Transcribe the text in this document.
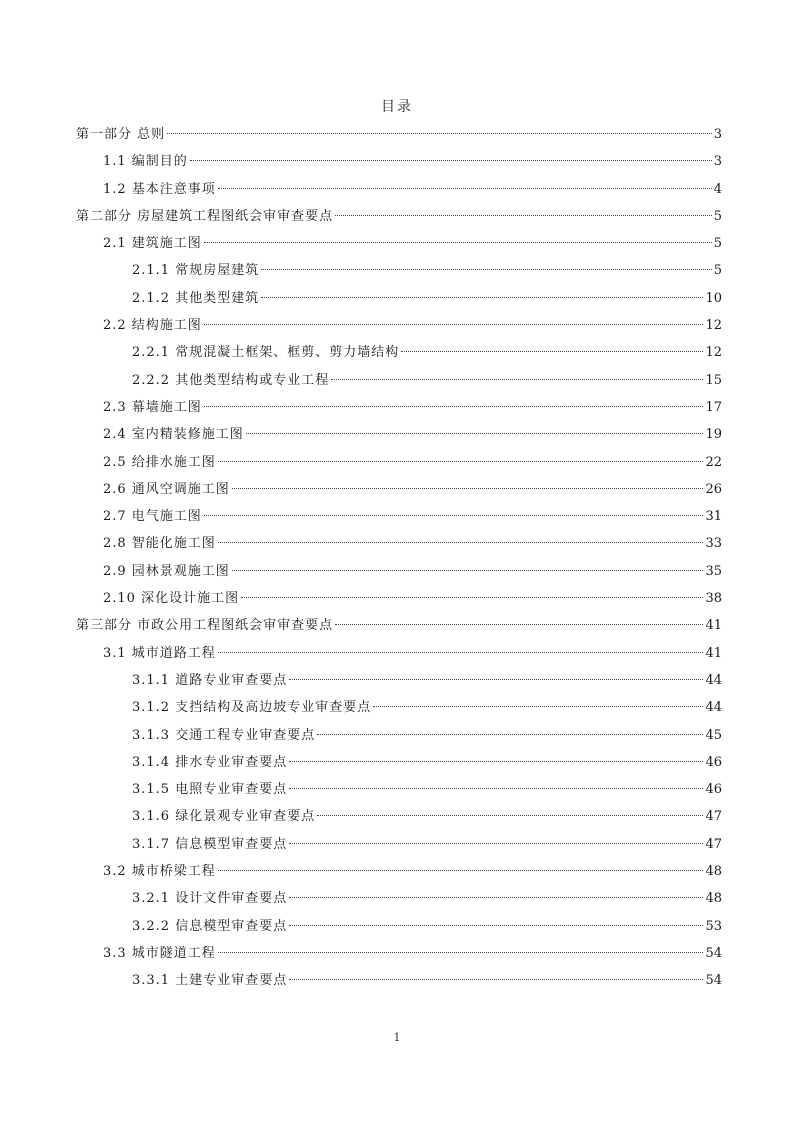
目录
第一部分 总则	3
1.1 编制目的	3
1.2 基本注意事项	4
第二部分 房屋建筑工程图纸会审审查要点	5
2.1 建筑施工图	5
2.1.1 常规房屋建筑	5
2.1.2 其他类型建筑	10
2.2 结构施工图	12
2.2.1 常规混凝土框架、框剪、剪力墙结构	12
2.2.2 其他类型结构或专业工程	15
2.3 幕墙施工图	17
2.4 室内精装修施工图	19
2.5 给排水施工图	22
2.6 通风空调施工图	26
2.7 电气施工图	31
2.8 智能化施工图	33
2.9 园林景观施工图	35
2.10 深化设计施工图	38
第三部分 市政公用工程图纸会审审查要点	41
3.1 城市道路工程	41
3.1.1 道路专业审查要点	44
3.1.2 支挡结构及高边坡专业审查要点	44
3.1.3 交通工程专业审查要点	45
3.1.4 排水专业审查要点	46
3.1.5 电照专业审查要点	46
3.1.6 绿化景观专业审查要点	47
3.1.7 信息模型审查要点	47
3.2 城市桥梁工程	48
3.2.1 设计文件审查要点	48
3.2.2 信息模型审查要点	53
3.3 城市隧道工程	54
3.3.1 土建专业审查要点	54
1
